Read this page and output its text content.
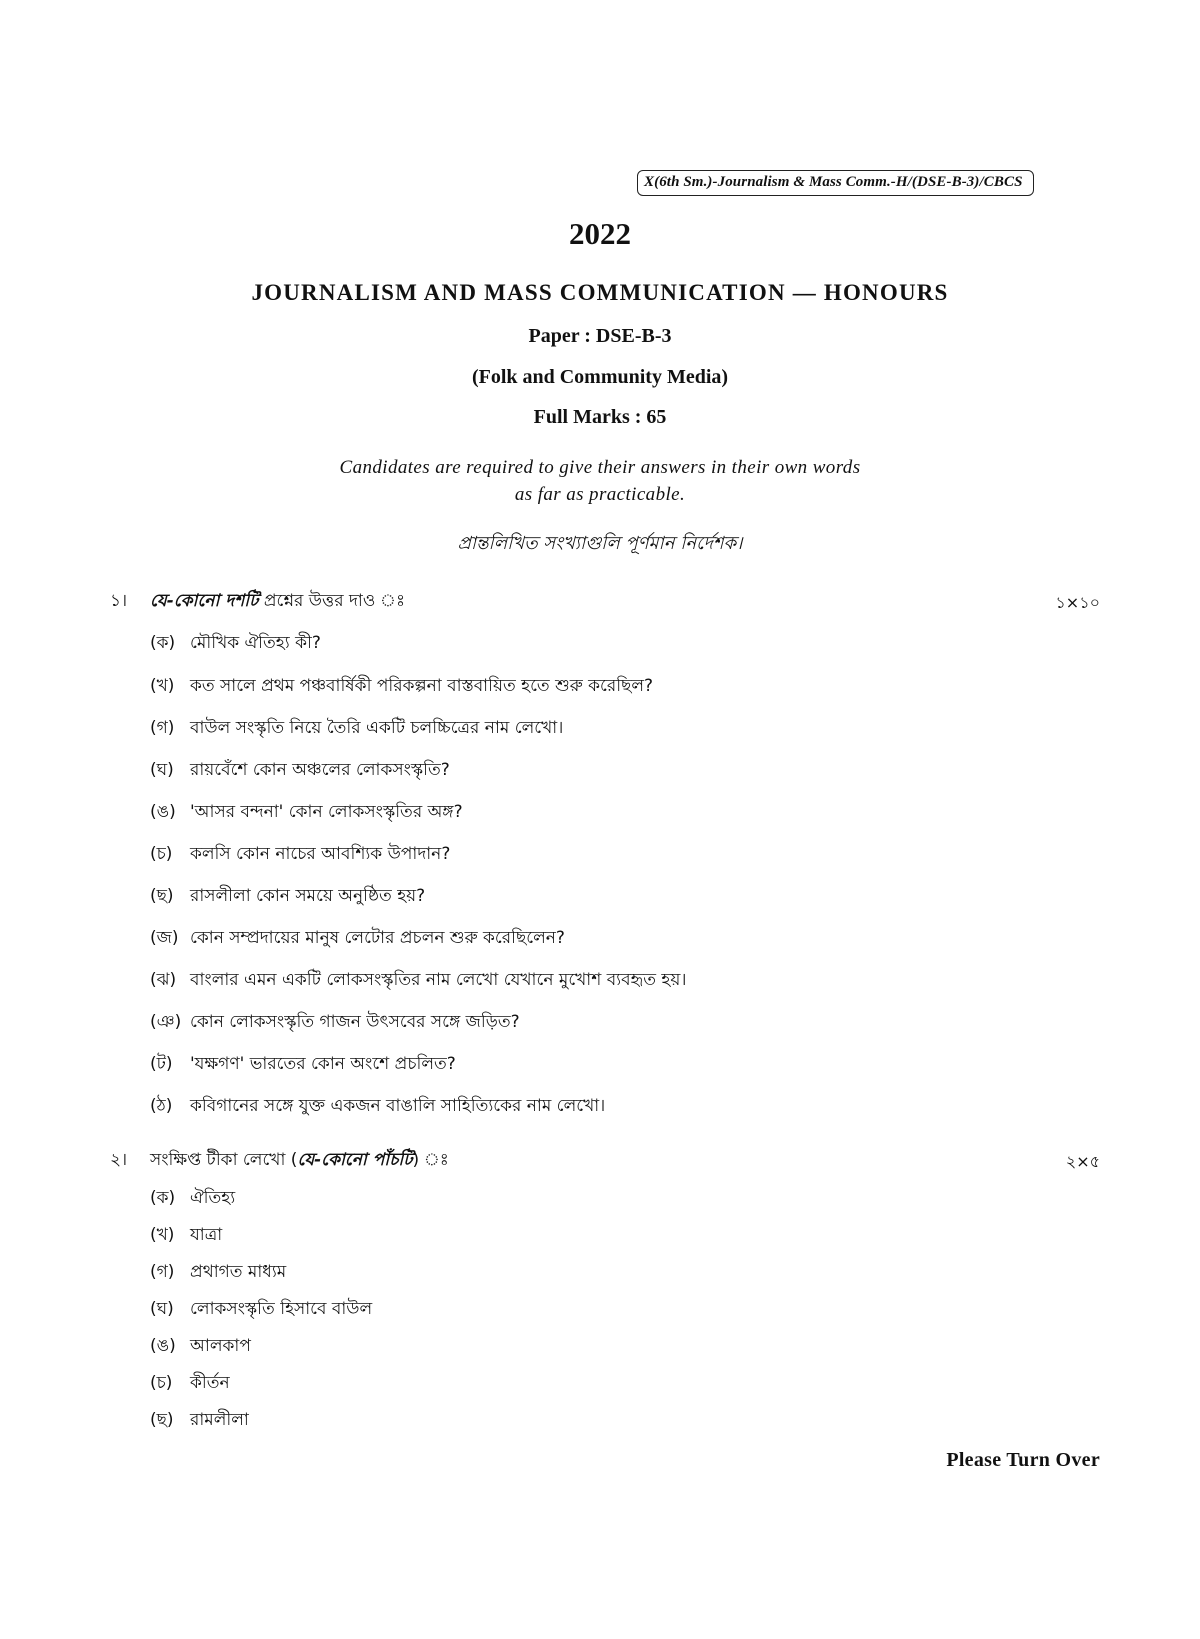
X(6th Sm.)-Journalism & Mass Comm.-H/(DSE-B-3)/CBCS
2022
JOURNALISM AND MASS COMMUNICATION — HONOURS
Paper : DSE-B-3
(Folk and Community Media)
Full Marks : 65
Candidates are required to give their answers in their own words
as far as practicable.
প্রান্তলিখিত সংখ্যাগুলি পূর্ণমান নির্দেশক।
১। যে-কোনো দশটি প্রশ্নের উত্তর দাও ঃ	১×১০
(ক) মৌখিক ঐতিহ্য কী?
(খ) কত সালে প্রথম পঞ্চবার্ষিকী পরিকল্পনা বাস্তবায়িত হতে শুরু করেছিল?
(গ) বাউল সংস্কৃতি নিয়ে তৈরি একটি চলচ্চিত্রের নাম লেখো।
(ঘ) রায়বেঁশে কোন অঞ্চলের লোকসংস্কৃতি?
(ঙ) 'আসর বন্দনা' কোন লোকসংস্কৃতির অঙ্গ?
(চ) কলসি কোন নাচের আবশ্যিক উপাদান?
(ছ) রাসলীলা কোন সময়ে অনুষ্ঠিত হয়?
(জ) কোন সম্প্রদায়ের মানুষ লেটোর প্রচলন শুরু করেছিলেন?
(ঝ) বাংলার এমন একটি লোকসংস্কৃতির নাম লেখো যেখানে মুখোশ ব্যবহৃত হয়।
(ঞ) কোন লোকসংস্কৃতি গাজন উৎসবের সঙ্গে জড়িত?
(ট) 'যক্ষগণ' ভারতের কোন অংশে প্রচলিত?
(ঠ) কবিগানের সঙ্গে যুক্ত একজন বাঙালি সাহিত্যিকের নাম লেখো।
২। সংক্ষিপ্ত টীকা লেখো (যে-কোনো পাঁচটি) ঃ	২×৫
(ক) ঐতিহ্য
(খ) যাত্রা
(গ) প্রথাগত মাধ্যম
(ঘ) লোকসংস্কৃতি হিসাবে বাউল
(ঙ) আলকাপ
(চ) কীর্তন
(ছ) রামলীলা
Please Turn Over
